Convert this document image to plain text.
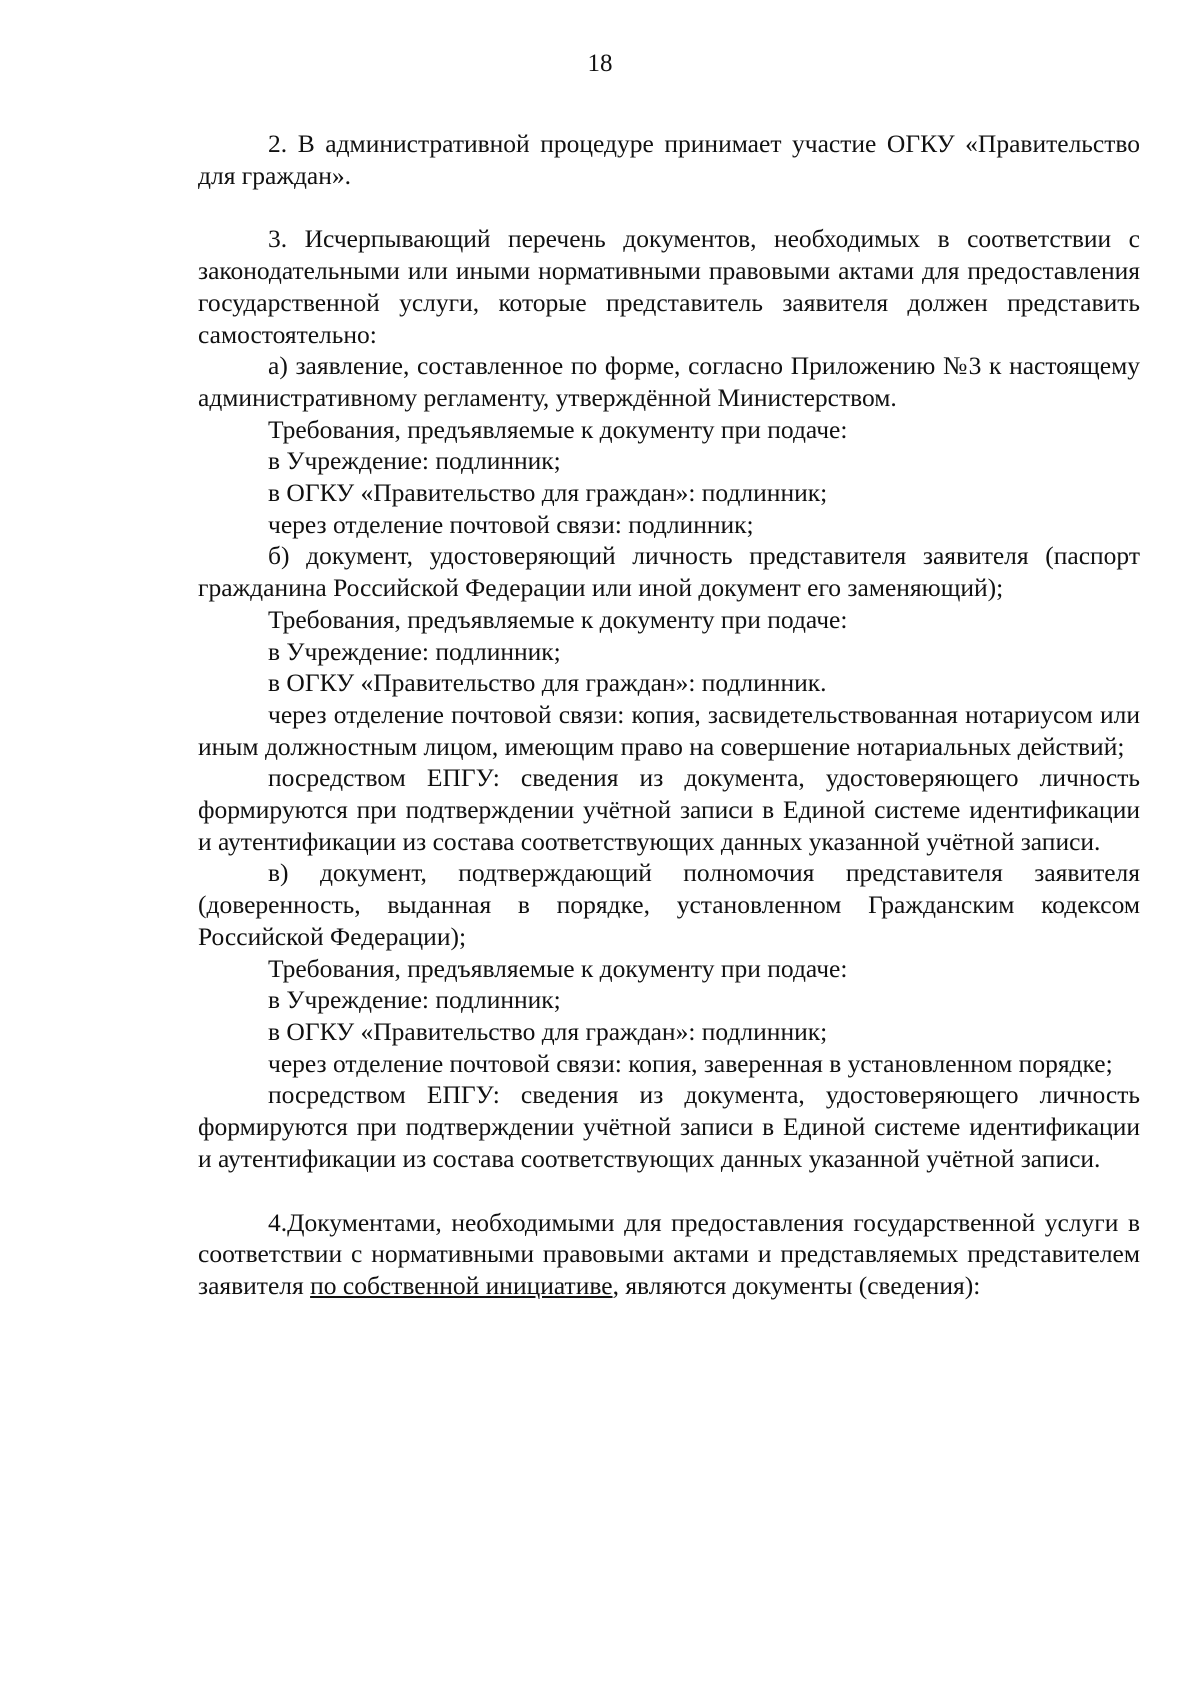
18

2. В административной процедуре принимает участие ОГКУ «Правительство для граждан».

3. Исчерпывающий перечень документов, необходимых в соответствии с законодательными или иными нормативными правовыми актами для предоставления государственной услуги, которые представитель заявителя должен представить самостоятельно:

а) заявление, составленное по форме, согласно Приложению №3 к настоящему административному регламенту, утверждённой Министерством.

Требования, предъявляемые к документу при подаче:

в Учреждение: подлинник;

в ОГКУ «Правительство для граждан»: подлинник;

через отделение почтовой связи: подлинник;

б) документ, удостоверяющий личность представителя заявителя (паспорт гражданина Российской Федерации или иной документ его заменяющий);

Требования, предъявляемые к документу при подаче:

в Учреждение: подлинник;

в ОГКУ «Правительство для граждан»: подлинник.

через отделение почтовой связи: копия, засвидетельствованная нотариусом или иным должностным лицом, имеющим право на совершение нотариальных действий;

посредством ЕПГУ: сведения из документа, удостоверяющего личность формируются при подтверждении учётной записи в Единой системе идентификации и аутентификации из состава соответствующих данных указанной учётной записи.

в) документ, подтверждающий полномочия представителя заявителя (доверенность, выданная в порядке, установленном Гражданским кодексом Российской Федерации);

Требования, предъявляемые к документу при подаче:

в Учреждение: подлинник;

в ОГКУ «Правительство для граждан»: подлинник;

через отделение почтовой связи: копия, заверенная в установленном порядке;

посредством ЕПГУ: сведения из документа, удостоверяющего личность формируются при подтверждении учётной записи в Единой системе идентификации и аутентификации из состава соответствующих данных указанной учётной записи.

4.Документами, необходимыми для предоставления государственной услуги в соответствии с нормативными правовыми актами и представляемых представителем заявителя по собственной инициативе, являются документы (сведения):
